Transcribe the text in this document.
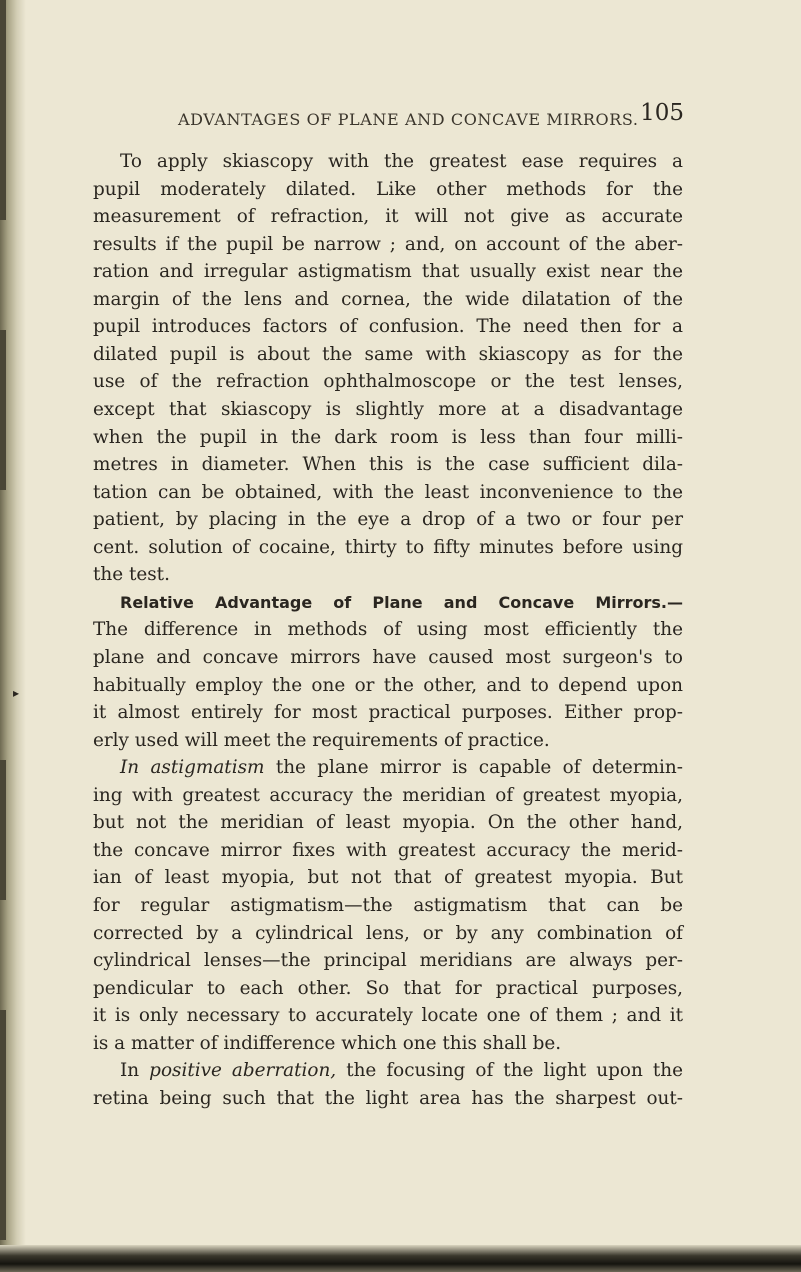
▸
ADVANTAGES OF PLANE AND CONCAVE MIRRORS. 105
To apply skiascopy with the greatest ease requires a
pupil moderately dilated. Like other methods for the
measurement of refraction, it will not give as accurate
results if the pupil be narrow ; and, on account of the aber-
ration and irregular astigmatism that usually exist near the
margin of the lens and cornea, the wide dilatation of the
pupil introduces factors of confusion. The need then for a
dilated pupil is about the same with skiascopy as for the
use of the refraction ophthalmoscope or the test lenses,
except that skiascopy is slightly more at a disadvantage
when the pupil in the dark room is less than four milli-
metres in diameter. When this is the case sufficient dila-
tation can be obtained, with the least inconvenience to the
patient, by placing in the eye a drop of a two or four per
cent. solution of cocaine, thirty to fifty minutes before using
the test.
Relative Advantage of Plane and Concave Mirrors.—
The difference in methods of using most efficiently the
plane and concave mirrors have caused most surgeon's to
habitually employ the one or the other, and to depend upon
it almost entirely for most practical purposes. Either prop-
erly used will meet the requirements of practice.
In astigmatism the plane mirror is capable of determin-
ing with greatest accuracy the meridian of greatest myopia,
but not the meridian of least myopia. On the other hand,
the concave mirror fixes with greatest accuracy the merid-
ian of least myopia, but not that of greatest myopia. But
for regular astigmatism—the astigmatism that can be
corrected by a cylindrical lens, or by any combination of
cylindrical lenses—the principal meridians are always per-
pendicular to each other. So that for practical purposes,
it is only necessary to accurately locate one of them ; and it
is a matter of indifference which one this shall be.
In positive aberration, the focusing of the light upon the
retina being such that the light area has the sharpest out-
